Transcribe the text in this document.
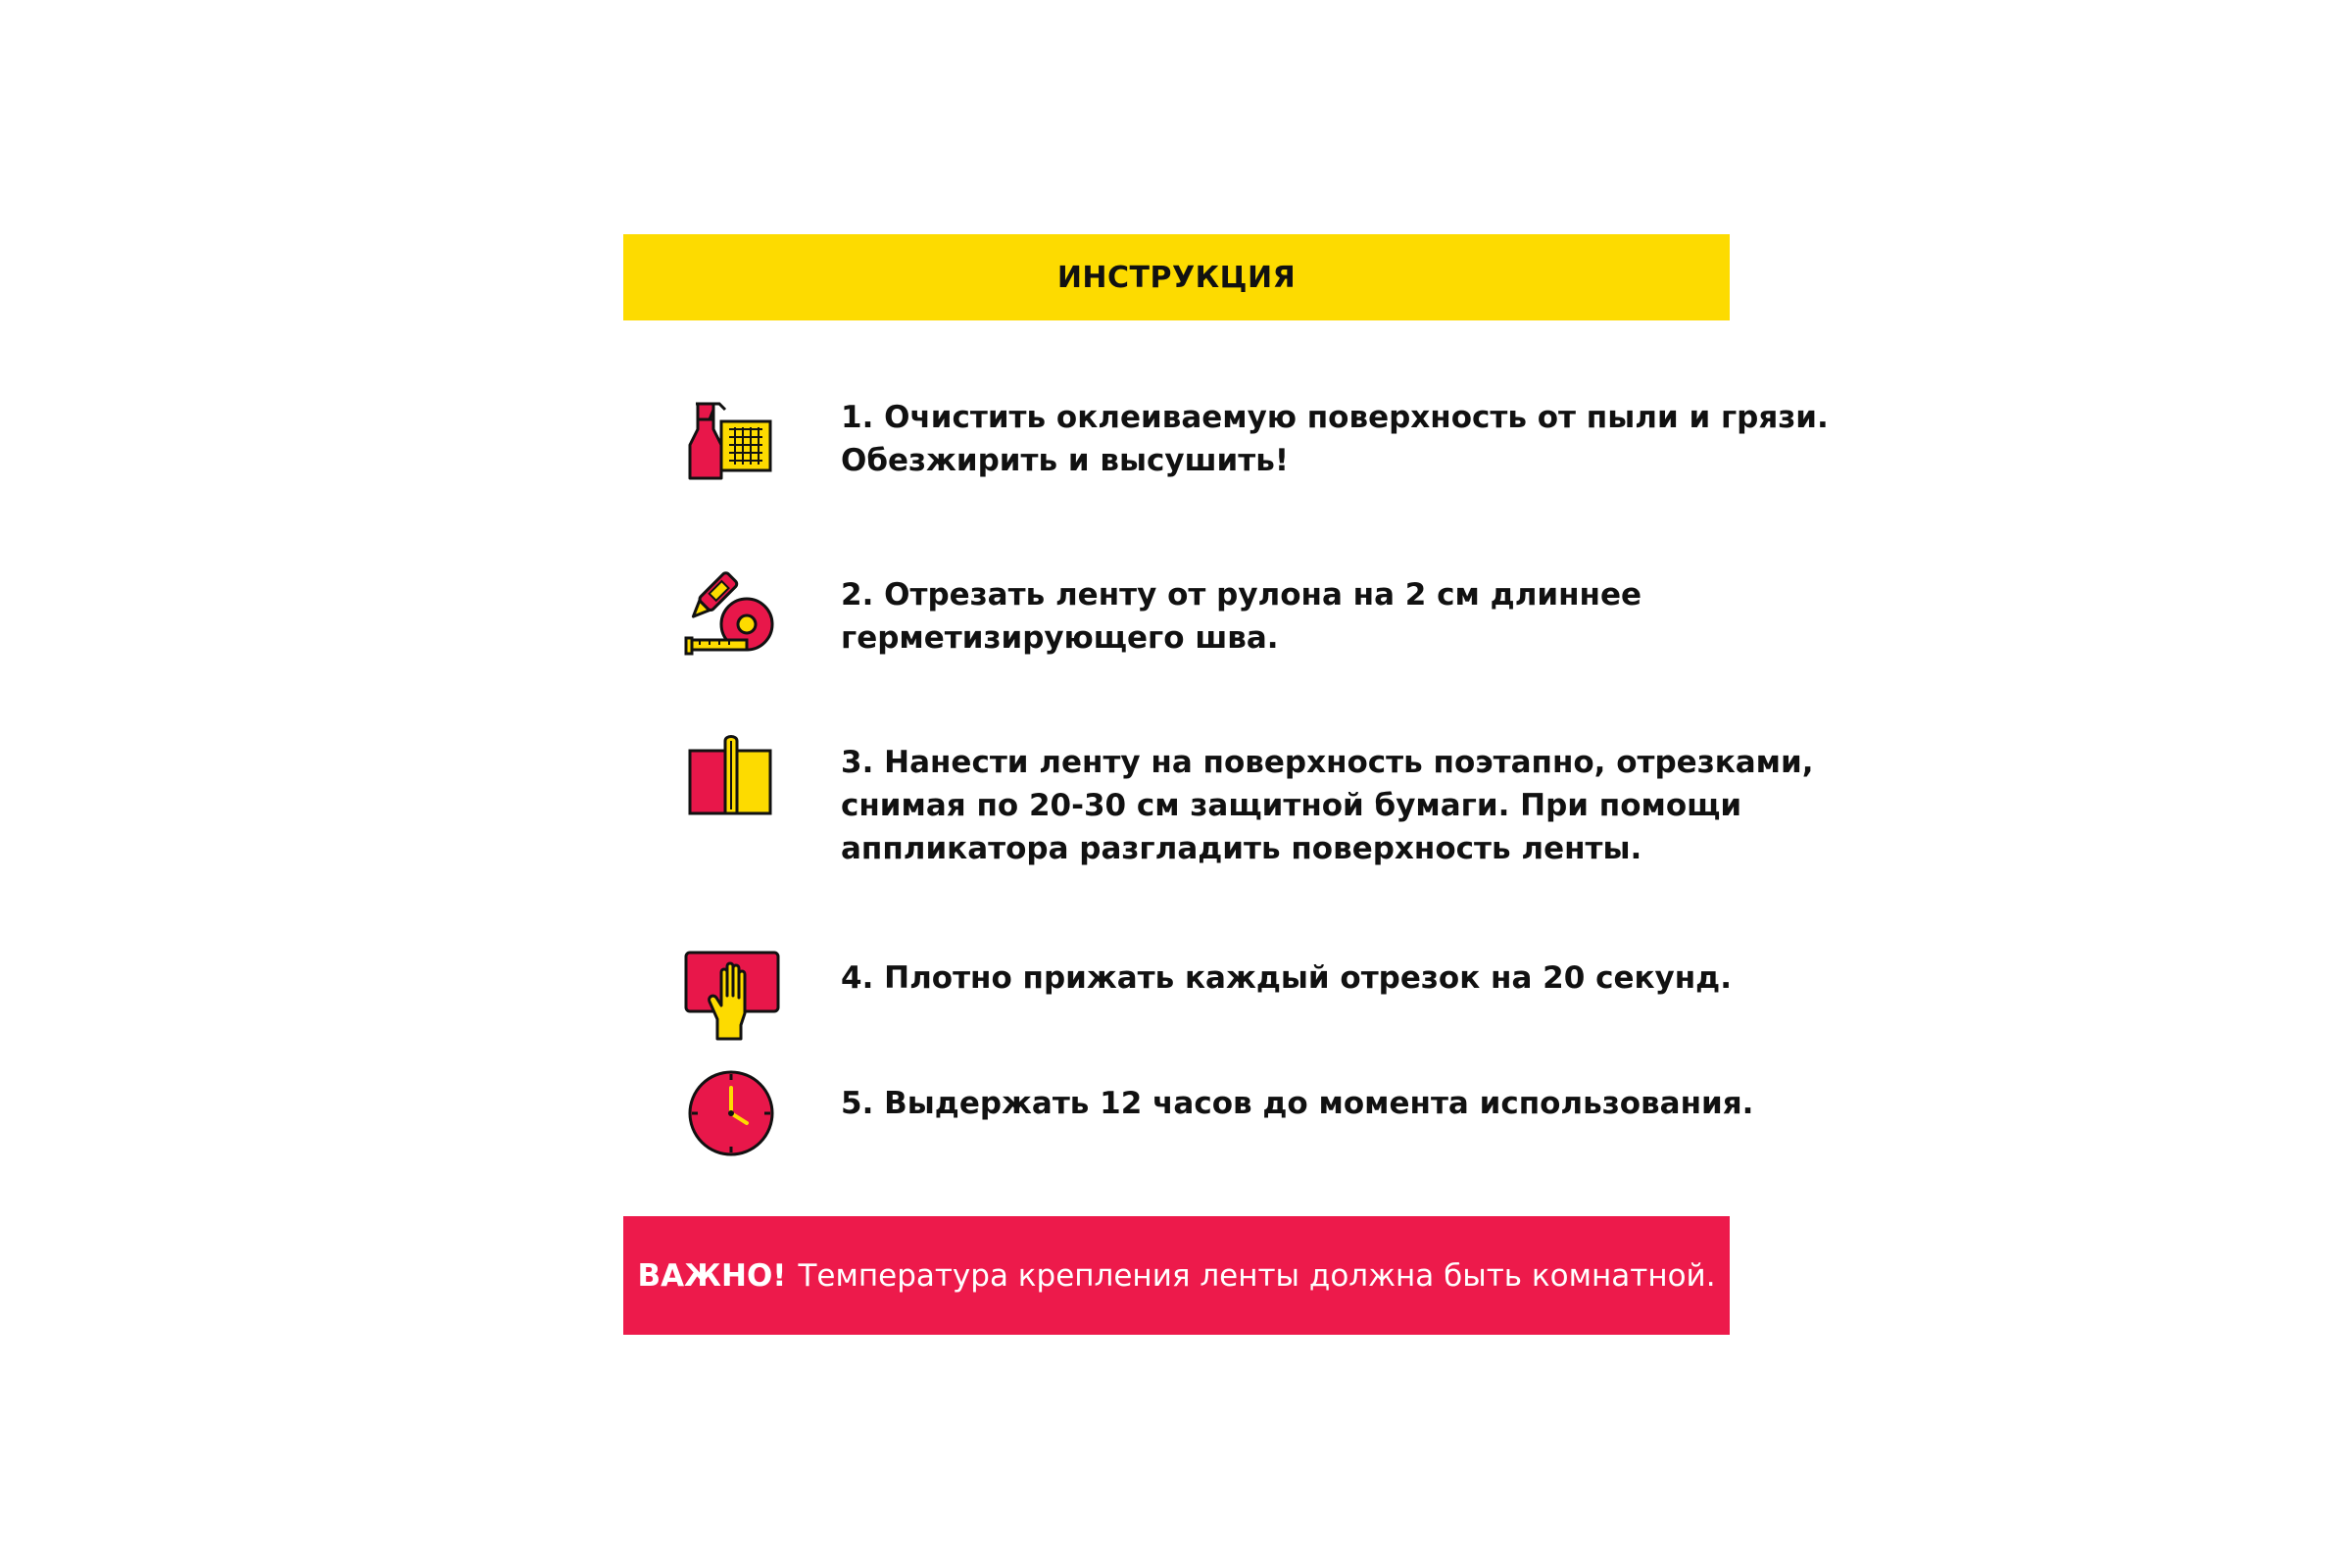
ИНСТРУКЦИЯ
1. Очистить оклеиваемую поверхность от пыли и грязи.
Обезжирить и высушить!
2. Отрезать ленту от рулона на 2 см длиннее
герметизирующего шва.
3. Нанести ленту на поверхность поэтапно, отрезками,
снимая по 20-30 см защитной бумаги. При помощи
аппликатора разгладить поверхность ленты.
4. Плотно прижать каждый отрезок на 20 секунд.
5. Выдержать 12 часов до момента использования.
ВАЖНО! Температура крепления ленты должна быть комнатной.
